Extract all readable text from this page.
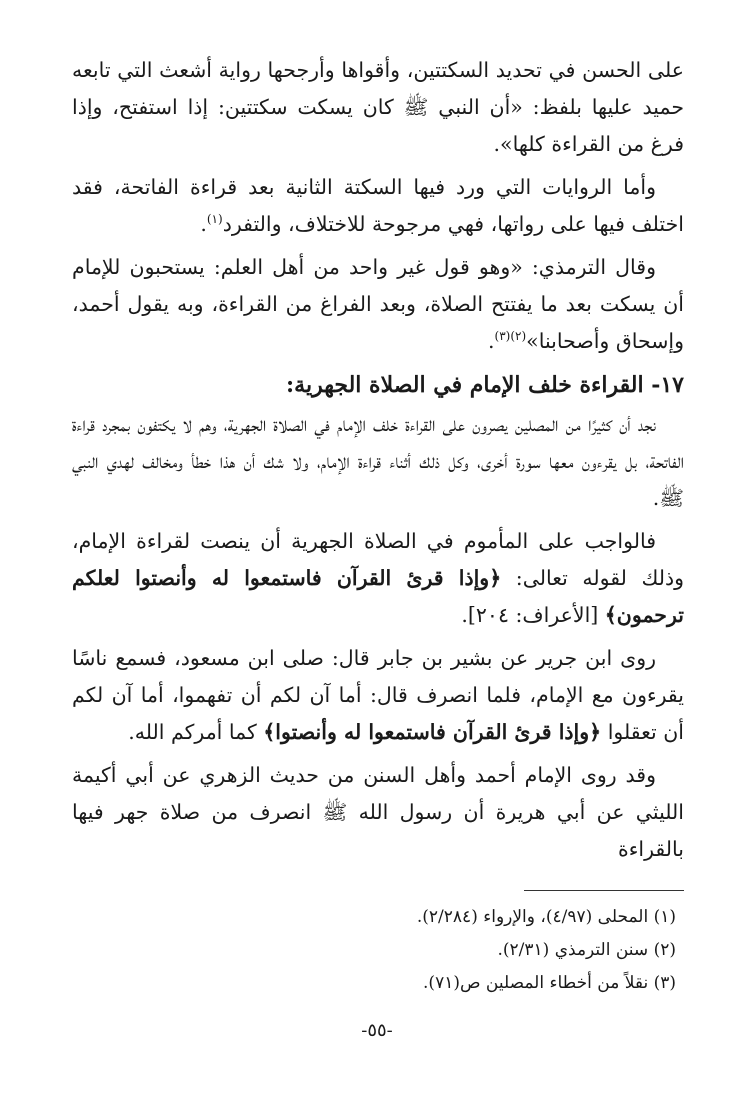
على الحسن في تحديد السكتتين، وأقواها وأرجحها رواية أشعث التي تابعه حميد عليها بلفظ: «أن النبي ﷺ كان يسكت سكتتين: إذا استفتح، وإذا فرغ من القراءة كلها».

وأما الروايات التي ورد فيها السكتة الثانية بعد قراءة الفاتحة، فقد اختلف فيها على رواتها، فهي مرجوحة للاختلاف، والتفرد$^{(١)}$.

وقال الترمذي: «وهو قول غير واحد من أهل العلم: يستحبون للإمام أن يسكت بعد ما يفتتح الصلاة، وبعد الفراغ من القراءة، وبه يقول أحمد، وإسحاق وأصحابنا»$^{(٢)(٣)}$.

١٧- القراءة خلف الإمام في الصلاة الجهرية:

نجد أن كثيرًا من المصلين يصرون على القراءة خلف الإمام في الصلاة الجهرية، وهم لا يكتفون بمجرد قراءة الفاتحة، بل يقرءون معها سورة أخرى، وكل ذلك أثناء قراءة الإمام، ولا شك أن هذا خطأ ومخالف لهدي النبي ﷺ.

فالواجب على المأموم في الصلاة الجهرية أن ينصت لقراءة الإمام، وذلك لقوله تعالى: ﴿وإذا قرئ القرآن فاستمعوا له وأنصتوا لعلكم ترحمون﴾ [الأعراف: ٢٠٤].

روى ابن جرير عن بشير بن جابر قال: صلى ابن مسعود، فسمع ناسًا يقرءون مع الإمام، فلما انصرف قال: أما آن لكم أن تفهموا، أما آن لكم أن تعقلوا ﴿وإذا قرئ القرآن فاستمعوا له وأنصتوا﴾ كما أمركم الله.

وقد روى الإمام أحمد وأهل السنن من حديث الزهري عن أبي أكيمة الليثي عن أبي هريرة أن رسول الله ﷺ انصرف من صلاة جهر فيها بالقراءة

(١) المحلى (٤/٩٧)، والإرواء (٢/٢٨٤).

(٢) سنن الترمذي (٢/٣١).

(٣) نقلاً من أخطاء المصلين ص(٧١).

-٥٥-
